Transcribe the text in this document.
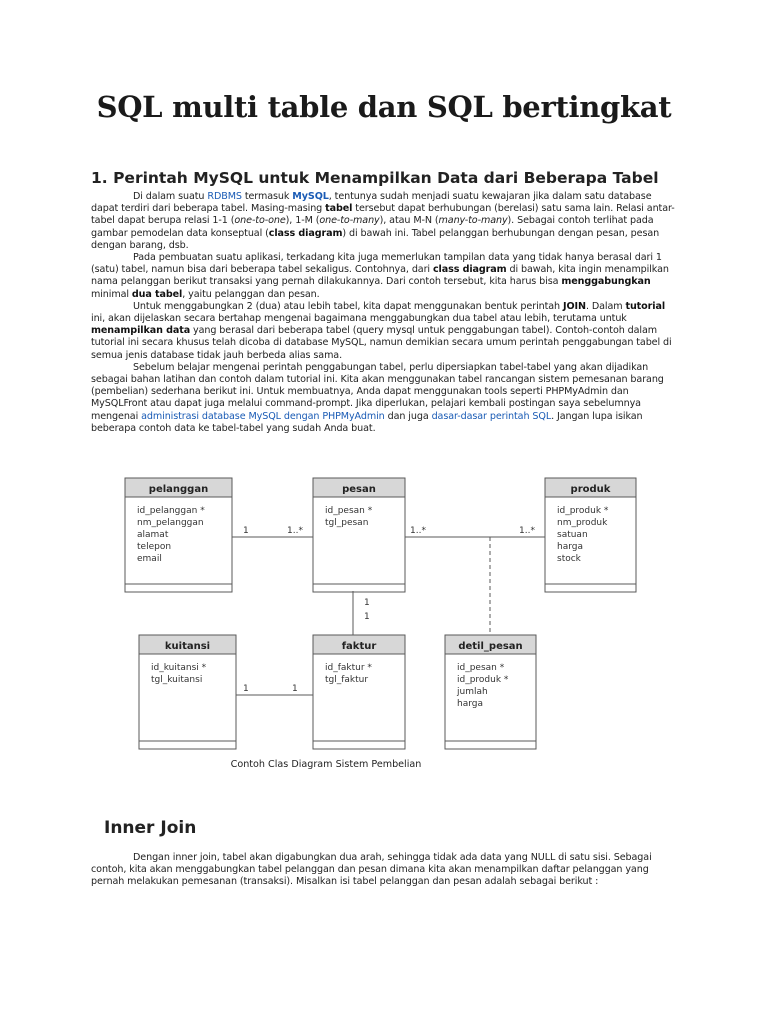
SQL multi table dan SQL bertingkat
1. Perintah MySQL untuk Menampilkan Data dari Beberapa Tabel

Di dalam suatu RDBMS termasuk MySQL, tentunya sudah menjadi suatu kewajaran jika dalam satu database dapat terdiri dari beberapa tabel. Masing-masing tabel tersebut dapat berhubungan (berelasi) satu sama lain. Relasi antar-tabel dapat berupa relasi 1-1 (one-to-one), 1-M (one-to-many), atau M-N (many-to-many). Sebagai contoh terlihat pada gambar pemodelan data konseptual (class diagram) di bawah ini. Tabel pelanggan berhubungan dengan pesan, pesan dengan barang, dsb.

Pada pembuatan suatu aplikasi, terkadang kita juga memerlukan tampilan data yang tidak hanya berasal dari 1 (satu) tabel, namun bisa dari beberapa tabel sekaligus. Contohnya, dari class diagram di bawah, kita ingin menampilkan nama pelanggan berikut transaksi yang pernah dilakukannya. Dari contoh tersebut, kita harus bisa menggabungkan minimal dua tabel, yaitu pelanggan dan pesan.

Untuk menggabungkan 2 (dua) atau lebih tabel, kita dapat menggunakan bentuk perintah JOIN. Dalam tutorial ini, akan dijelaskan secara bertahap mengenai bagaimana menggabungkan dua tabel atau lebih, terutama untuk menampilkan data yang berasal dari beberapa tabel (query mysql untuk penggabungan tabel). Contoh-contoh dalam tutorial ini secara khusus telah dicoba di database MySQL, namun demikian secara umum perintah penggabungan tabel di semua jenis database tidak jauh berbeda alias sama.

Sebelum belajar mengenai perintah penggabungan tabel, perlu dipersiapkan tabel-tabel yang akan dijadikan sebagai bahan latihan dan contoh dalam tutorial ini. Kita akan menggunakan tabel rancangan sistem pemesanan barang (pembelian) sederhana berikut ini. Untuk membuatnya, Anda dapat menggunakan tools seperti PHPMyAdmin dan MySQLFront atau dapat juga melalui command-prompt. Jika diperlukan, pelajari kembali postingan saya sebelumnya mengenai administrasi database MySQL dengan PHPMyAdmin dan juga dasar-dasar perintah SQL. Jangan lupa isikan beberapa contoh data ke tabel-tabel yang sudah Anda buat.

pelanggan
id_pelanggan *
nm_pelanggan
alamat
telepon
email
pesan
id_pesan *
tgl_pesan
produk
id_produk *
nm_produk
satuan
harga
stock
kuitansi
id_kuitansi *
tgl_kuitansi
faktur
id_faktur *
tgl_faktur
detil_pesan
id_pesan *
id_produk *
jumlah
harga
1	1..*	1..*	1..*
1
1
1	1
Contoh Clas Diagram Sistem Pembelian
Inner Join

Dengan inner join, tabel akan digabungkan dua arah, sehingga tidak ada data yang NULL di satu sisi. Sebagai contoh, kita akan menggabungkan tabel pelanggan dan pesan dimana kita akan menampilkan daftar pelanggan yang pernah melakukan pemesanan (transaksi). Misalkan isi tabel pelanggan dan pesan adalah sebagai berikut :
